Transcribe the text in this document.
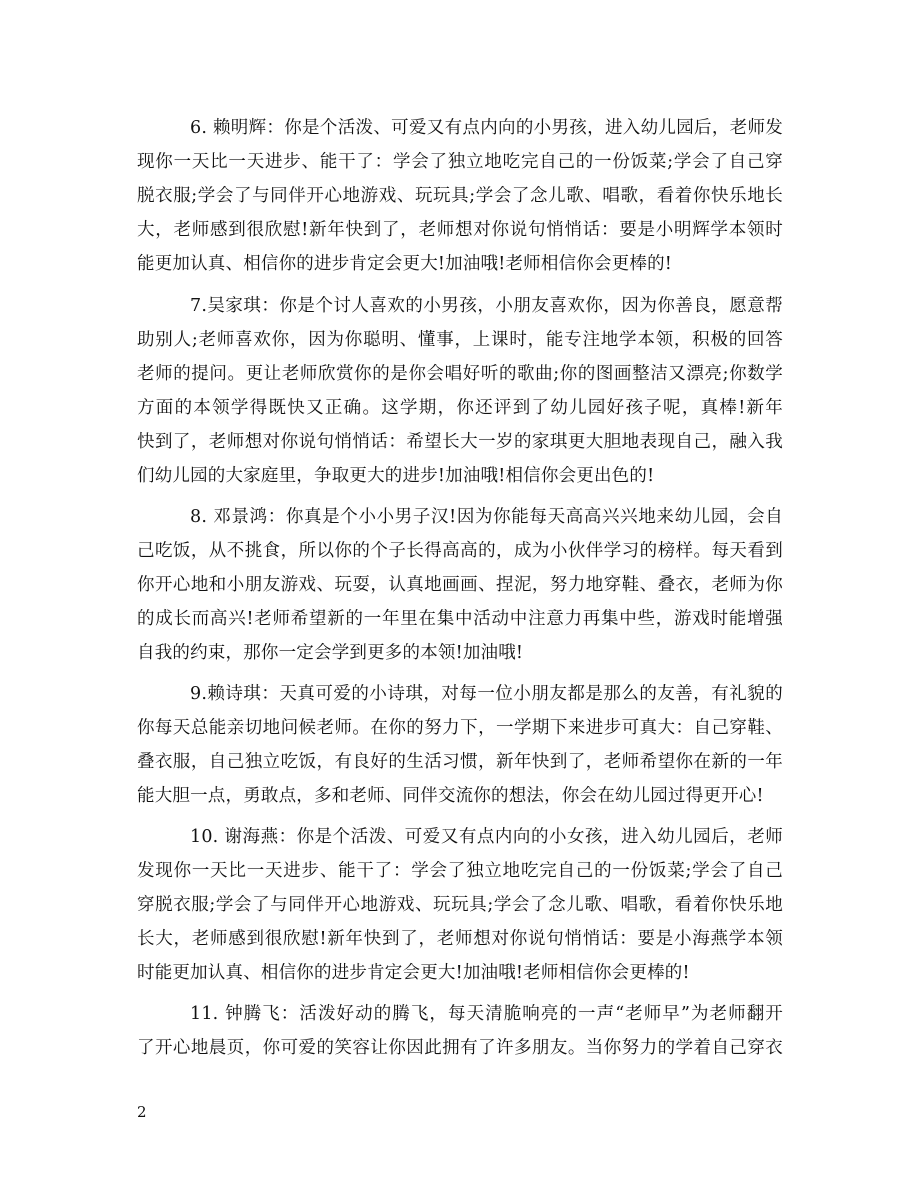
6. 赖明辉：你是个活泼、可爱又有点内向的小男孩，进入幼儿园后，老师发
现你一天比一天进步、能干了：学会了独立地吃完自己的一份饭菜;学会了自己穿
脱衣服;学会了与同伴开心地游戏、玩玩具;学会了念儿歌、唱歌，看着你快乐地长
大，老师感到很欣慰!新年快到了，老师想对你说句悄悄话：要是小明辉学本领时
能更加认真、相信你的进步肯定会更大!加油哦!老师相信你会更棒的!
7.吴家琪：你是个讨人喜欢的小男孩，小朋友喜欢你，因为你善良，愿意帮
助别人;老师喜欢你，因为你聪明、懂事，上课时，能专注地学本领，积极的回答
老师的提问。更让老师欣赏你的是你会唱好听的歌曲;你的图画整洁又漂亮;你数学
方面的本领学得既快又正确。这学期，你还评到了幼儿园好孩子呢，真棒!新年
快到了，老师想对你说句悄悄话：希望长大一岁的家琪更大胆地表现自己，融入我
们幼儿园的大家庭里，争取更大的进步!加油哦!相信你会更出色的!
8. 邓景鸿：你真是个小小男子汉!因为你能每天高高兴兴地来幼儿园，会自
己吃饭，从不挑食，所以你的个子长得高高的，成为小伙伴学习的榜样。每天看到
你开心地和小朋友游戏、玩耍，认真地画画、捏泥，努力地穿鞋、叠衣，老师为你
的成长而高兴!老师希望新的一年里在集中活动中注意力再集中些，游戏时能增强
自我的约束，那你一定会学到更多的本领!加油哦!
9.赖诗琪：天真可爱的小诗琪，对每一位小朋友都是那么的友善，有礼貌的
你每天总能亲切地问候老师。在你的努力下，一学期下来进步可真大：自己穿鞋、
叠衣服，自己独立吃饭，有良好的生活习惯，新年快到了，老师希望你在新的一年
能大胆一点，勇敢点，多和老师、同伴交流你的想法，你会在幼儿园过得更开心!
10. 谢海燕：你是个活泼、可爱又有点内向的小女孩，进入幼儿园后，老师
发现你一天比一天进步、能干了：学会了独立地吃完自己的一份饭菜;学会了自己
穿脱衣服;学会了与同伴开心地游戏、玩玩具;学会了念儿歌、唱歌，看着你快乐地
长大，老师感到很欣慰!新年快到了，老师想对你说句悄悄话：要是小海燕学本领
时能更加认真、相信你的进步肯定会更大!加油哦!老师相信你会更棒的!
11. 钟腾飞：活泼好动的腾飞，每天清脆响亮的一声“老师早”为老师翻开
了开心地晨页，你可爱的笑容让你因此拥有了许多朋友。当你努力的学着自己穿衣
2
